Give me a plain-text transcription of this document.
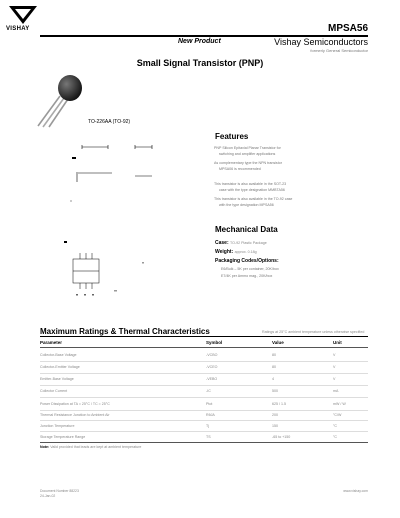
VISHAY	MPSA56
New Product	Vishay Semiconductors
formerly General Semiconductor
Small Signal Transistor (PNP)
TO-226AA (TO-92)
Features
PNP Silicon Epitaxial Planar Transistor for
switching and amplifier applications
As complementary type the NPN transistor
MPSA06 is recommended
This transistor is also available in the SOT-23
case with the type designation MMBTA56
This transistor is also available in the TO-92 case
with the type designation MPSA56
Mechanical Data
Case: TO-92 Plastic Package
Weight: approx. 0.18g
Packaging Codes/Options:
E6/Bulk – 5K per container, 20K/box
E7/4K per Ammo mag., 20K/box
Maximum Ratings & Thermal Characteristics	Ratings at 25°C ambient temperature unless otherwise specified
Parameter	Symbol	Value	Unit
Collector-Base Voltage	-VCBO	80	V
Collector-Emitter Voltage	-VCEO	80	V
Emitter-Base Voltage	-VEBO	4	V
Collector Current	-IC	500	mA
Power Dissipation at TA = 25°C / TC = 25°C	Ptot	625 / 1.5	mW / W
Thermal Resistance Junction to Ambient Air	RθJA	200	°C/W
Junction Temperature	Tj	150	°C
Storage Temperature Range	TS	-65 to +150	°C
Note: Valid provided that leads are kept at ambient temperature
Document Number 88223
24-Jan-02
www.vishay.com
